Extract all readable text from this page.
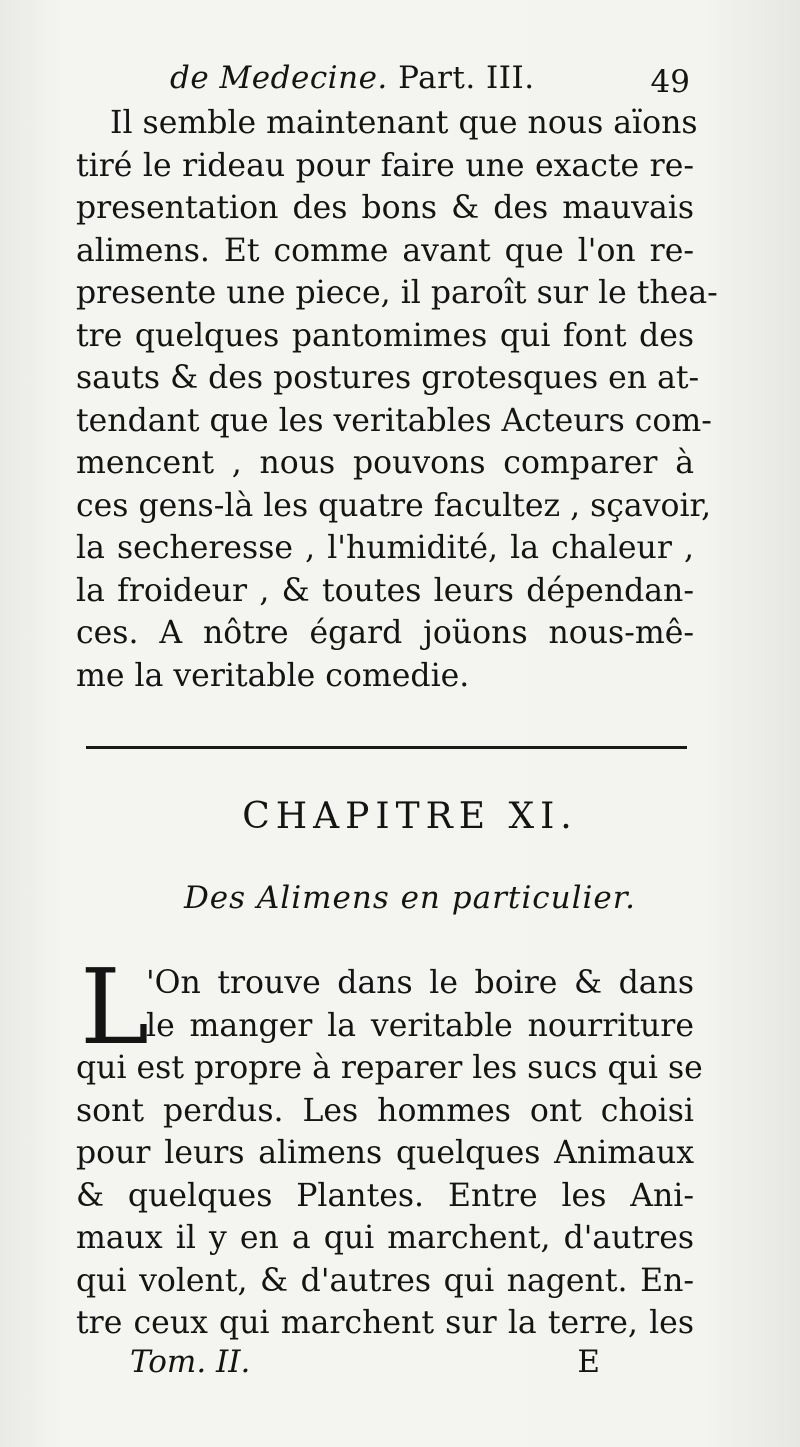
de Medecine. Part. III.	49
Il semble maintenant que nous aïons
tiré le rideau pour faire une exacte re-
presentation des bons & des mauvais
alimens. Et comme avant que l'on re-
presente une piece, il paroît sur le thea-
tre quelques pantomimes qui font des
sauts & des postures grotesques en at-
tendant que les veritables Acteurs com-
mencent , nous pouvons comparer à
ces gens-là les quatre facultez , sçavoir,
la secheresse , l'humidité, la chaleur ,
la froideur , & toutes leurs dépendan-
ces. A nôtre égard joüons nous-mê-
me la veritable comedie.
CHAPITRE XI.
Des Alimens en particulier.
L
'On trouve dans le boire & dans
le manger la veritable nourriture
qui est propre à reparer les sucs qui se
sont perdus. Les hommes ont choisi
pour leurs alimens quelques Animaux
& quelques Plantes. Entre les Ani-
maux il y en a qui marchent, d'autres
qui volent, & d'autres qui nagent. En-
tre ceux qui marchent sur la terre, les
Tom. II.	E
